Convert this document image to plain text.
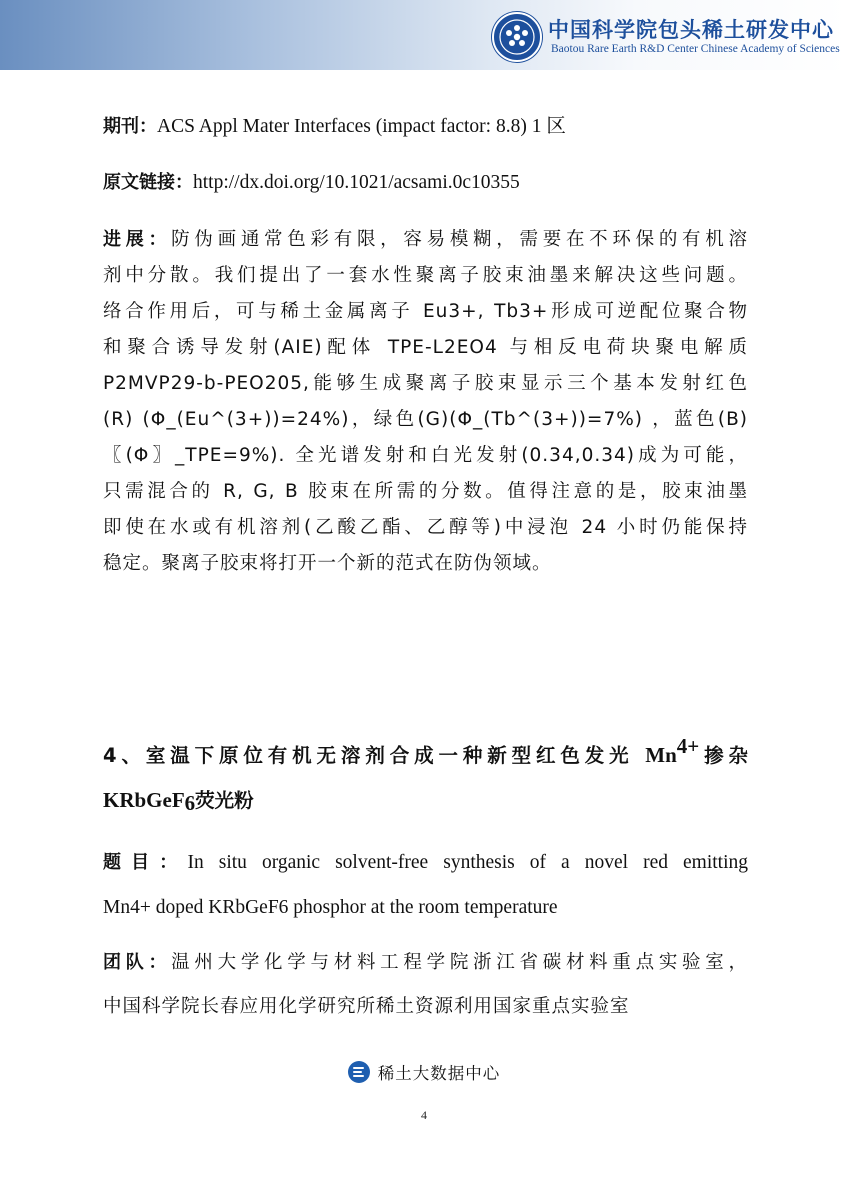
中国科学院包头稀土研发中心
Baotou Rare Earth R&D Center Chinese Academy of Sciences
期刊：ACS Appl Mater Interfaces (impact factor: 8.8) 1 区
原文链接：http://dx.doi.org/10.1021/acsami.0c10355
进展：防伪画通常色彩有限，容易模糊，需要在不环保的有机溶
剂中分散。我们提出了一套水性聚离子胶束油墨来解决这些问题。
络合作用后，可与稀土金属离子 Eu3+, Tb3+形成可逆配位聚合物
和聚合诱导发射(AIE)配体 TPE-L2EO4 与相反电荷块聚电解质
P2MVP29-b-PEO205,能够生成聚离子胶束显示三个基本发射红色
(R) (Φ_(Eu^(3+))=24%)，绿色(G)(Φ_(Tb^(3+))=7%) ，蓝色(B)
〖(Φ〗_TPE=9%). 全光谱发射和白光发射(0.34,0.34)成为可能，
只需混合的 R, G, B 胶束在所需的分数。值得注意的是，胶束油墨
即使在水或有机溶剂(乙酸乙酯、乙醇等)中浸泡 24 小时仍能保持
稳定。聚离子胶束将打开一个新的范式在防伪领域。
4、室温下原位有机无溶剂合成一种新型红色发光 $Mn^{4+}$掺杂
KRbGeF$_6$荧光粉
题目：In situ organic solvent-free synthesis of a novel red emitting
Mn4+ doped KRbGeF6 phosphor at the room temperature
团队：温州大学化学与材料工程学院浙江省碳材料重点实验室，
中国科学院长春应用化学研究所稀土资源利用国家重点实验室
稀土大数据中心
4
